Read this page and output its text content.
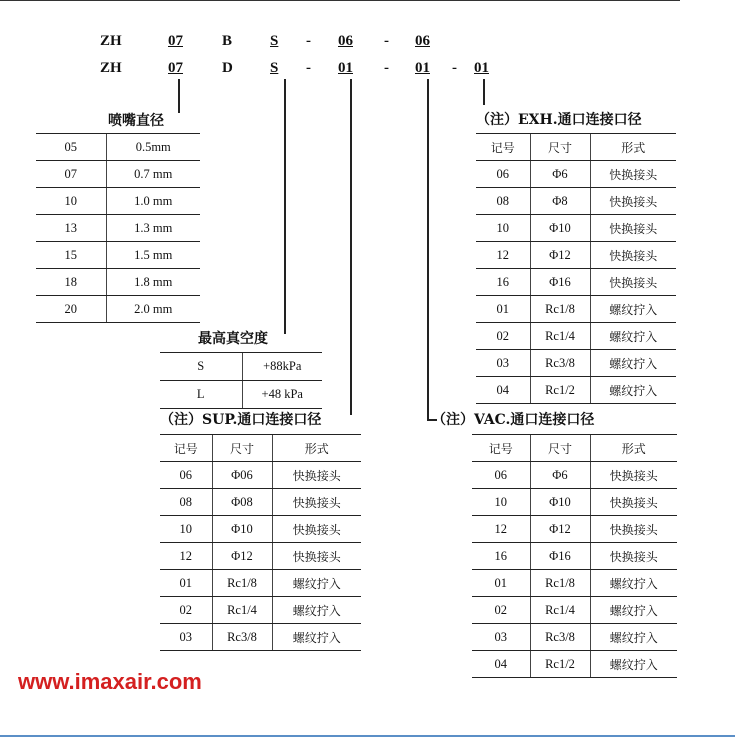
ZH	07	B	S - 06 - 06
ZH	07	D S - 01 - 01 - 01
喷嘴直径
05	0.5mm
07	0.7 mm
10	1.0 mm
13	1.3 mm
15	1.5 mm
18	1.8 mm
20	2.0 mm
最高真空度
S	+88kPa
L	+48 kPa
（注）SUP.通口连接口径
记号	尺寸	形式
06	Φ06	快换接头
08	Φ08	快换接头
10	Φ10	快换接头
12	Φ12	快换接头
01	Rc1/8	螺纹拧入
02	Rc1/4	螺纹拧入
03	Rc3/8	螺纹拧入
（注）EXH.通口连接口径
记号	尺寸	形式
06	Φ6	快换接头
08	Φ8	快换接头
10	Φ10	快换接头
12	Φ12	快换接头
16	Φ16	快换接头
01	Rc1/8	螺纹拧入
02	Rc1/4	螺纹拧入
03	Rc3/8	螺纹拧入
04	Rc1/2	螺纹拧入
（注）VAC.通口连接口径
记号	尺寸	形式
06	Φ6	快换接头
10	Φ10	快换接头
12	Φ12	快换接头
16	Φ16	快换接头
01	Rc1/8	螺纹拧入
02	Rc1/4	螺纹拧入
03	Rc3/8	螺纹拧入
04	Rc1/2	螺纹拧入
www.imaxair.com
